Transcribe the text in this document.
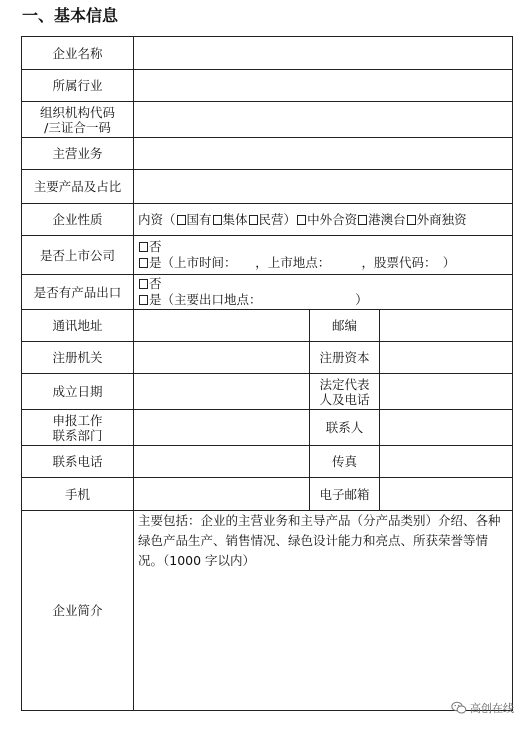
一、基本信息
企业名称			
所属行业			

组织机构代码
/三证合一码			

主营业务			
主要产品及占比			
企业性质	内资（ 国有 集体 民营） 中外合资 港澳台 外商独资		
是否上市公司	否
是（上市时间：　　，上市地点：　　　，股票代码：　）		

是否有产品出口	否
是（主要出口地点：　　　　　　　　）		

通讯地址		邮编	
注册机关		注册资本	
成立日期		法定代表
人及电话	

申报工作
联系部门		联系人	
联系电话		传真	
手机		电子邮箱	
企业简介	主要包括：企业的主营业务和主导产品（分产品类别）介绍、各种绿色产品生产、销售情况、绿色设计能力和亮点、所获荣誉等情况。（1000 字以内）		
高创在线
